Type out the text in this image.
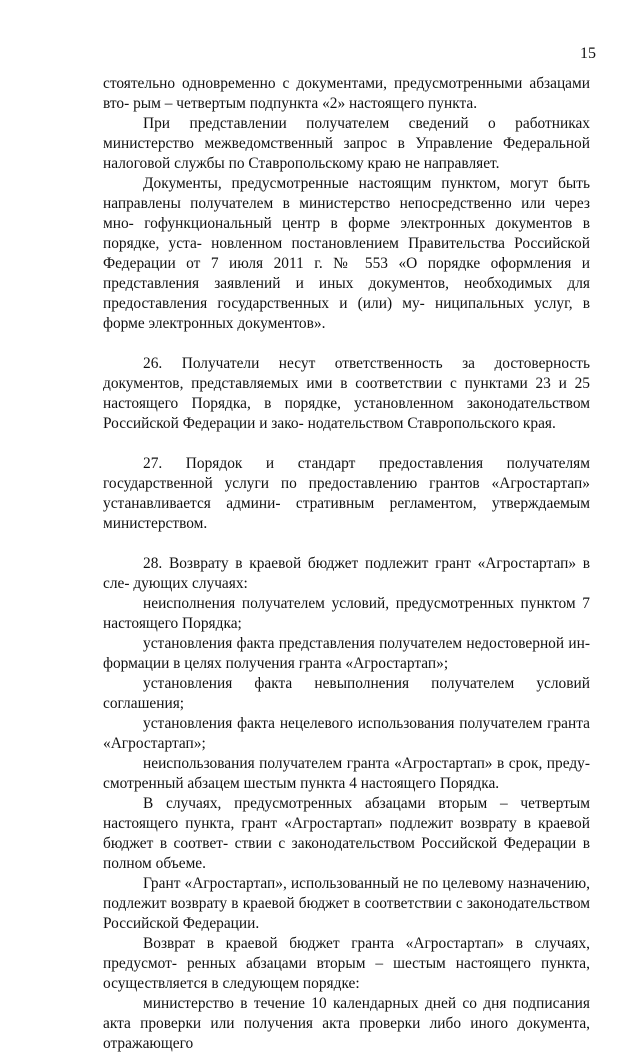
15

стоятельно одновременно с документами, предусмотренными абзацами вто- рым – четвертым подпункта «2» настоящего пункта.

При представлении получателем сведений о работниках министерство межведомственный запрос в Управление Федеральной налоговой службы по Ставропольскому краю не направляет.

Документы, предусмотренные настоящим пунктом, могут быть направлены получателем в министерство непосредственно или через мно- гофункциональный центр в форме электронных документов в порядке, уста- новленном постановлением Правительства Российской Федерации от 7 июля 2011 г. № 553 «О порядке оформления и представления заявлений и иных документов, необходимых для предоставления государственных и (или) му- ниципальных услуг, в форме электронных документов».

26. Получатели несут ответственность за достоверность документов, представляемых ими в соответствии с пунктами 23 и 25 настоящего Порядка, в порядке, установленном законодательством Российской Федерации и зако- нодательством Ставропольского края.

27. Порядок и стандарт предоставления получателям государственной услуги по предоставлению грантов «Агростартап» устанавливается админи- стративным регламентом, утверждаемым министерством.

28. Возврату в краевой бюджет подлежит грант «Агростартап» в сле- дующих случаях:

неисполнения получателем условий, предусмотренных пунктом 7 настоящего Порядка;

установления факта представления получателем недостоверной ин- формации в целях получения гранта «Агростартап»;

установления факта невыполнения получателем условий соглашения;

установления факта нецелевого использования получателем гранта «Агростартап»;

неиспользования получателем гранта «Агростартап» в срок, преду- смотренный абзацем шестым пункта 4 настоящего Порядка.

В случаях, предусмотренных абзацами вторым – четвертым настоящего пункта, грант «Агростартап» подлежит возврату в краевой бюджет в соответ- ствии с законодательством Российской Федерации в полном объеме.

Грант «Агростартап», использованный не по целевому назначению, подлежит возврату в краевой бюджет в соответствии с законодательством Российской Федерации.

Возврат в краевой бюджет гранта «Агростартап» в случаях, предусмот- ренных абзацами вторым – шестым настоящего пункта, осуществляется в следующем порядке:

министерство в течение 10 календарных дней со дня подписания акта проверки или получения акта проверки либо иного документа, отражающего
